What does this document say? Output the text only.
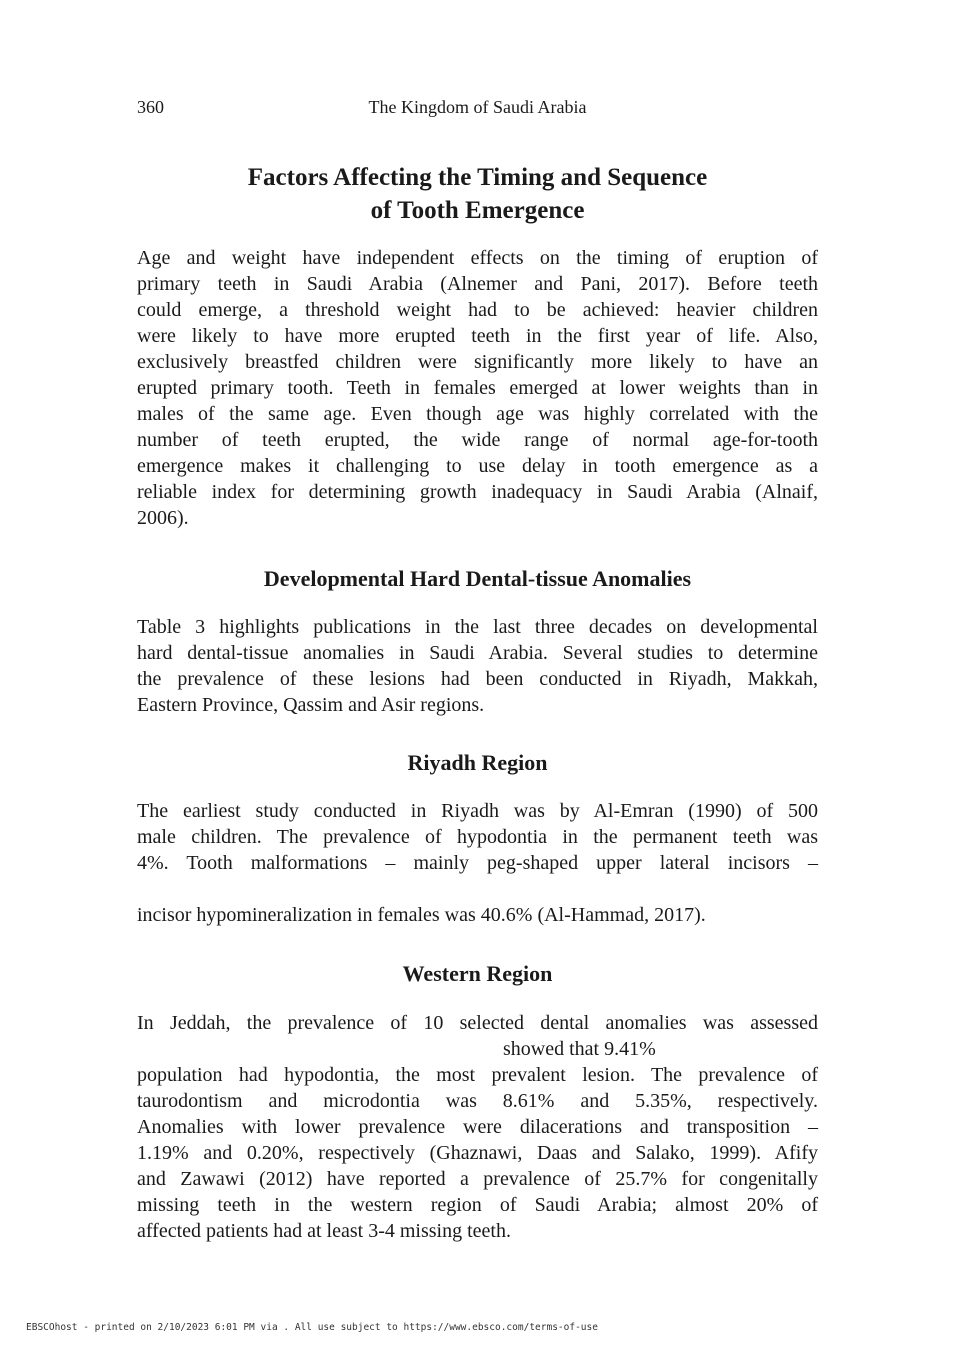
360	The Kingdom of Saudi Arabia
Factors Affecting the Timing and Sequence
of Tooth Emergence
Age and weight have independent effects on the timing of eruption of
primary teeth in Saudi Arabia (Alnemer and Pani, 2017). Before teeth
could emerge, a threshold weight had to be achieved: heavier children
were likely to have more erupted teeth in the first year of life. Also,
exclusively breastfed children were significantly more likely to have an
erupted primary tooth. Teeth in females emerged at lower weights than in
males of the same age. Even though age was highly correlated with the
number of teeth erupted, the wide range of normal age-for-tooth
emergence makes it challenging to use delay in tooth emergence as a
reliable index for determining growth inadequacy in Saudi Arabia (Alnaif,
2006).
Developmental Hard Dental-tissue Anomalies
Table 3 highlights publications in the last three decades on developmental
hard dental-tissue anomalies in Saudi Arabia. Several studies to determine
the prevalence of these lesions had been conducted in Riyadh, Makkah,
Eastern Province, Qassim and Asir regions.
Riyadh Region
The earliest study conducted in Riyadh was by Al-Emran (1990) of 500
male children. The prevalence of hypodontia in the permanent teeth was
4%. Tooth malformations – mainly peg-shaped upper lateral incisors –
incisor hypomineralization in females was 40.6% (Al-Hammad, 2017).
Western Region
In Jeddah, the prevalence of 10 selected dental anomalies was assessed
showed that 9.41%
population had hypodontia, the most prevalent lesion. The prevalence of
taurodontism and microdontia was 8.61% and 5.35%, respectively.
Anomalies with lower prevalence were dilacerations and transposition –
1.19% and 0.20%, respectively (Ghaznawi, Daas and Salako, 1999). Afify
and Zawawi (2012) have reported a prevalence of 25.7% for congenitally
missing teeth in the western region of Saudi Arabia; almost 20% of
affected patients had at least 3-4 missing teeth.
EBSCOhost - printed on 2/10/2023 6:01 PM via . All use subject to https://www.ebsco.com/terms-of-use
